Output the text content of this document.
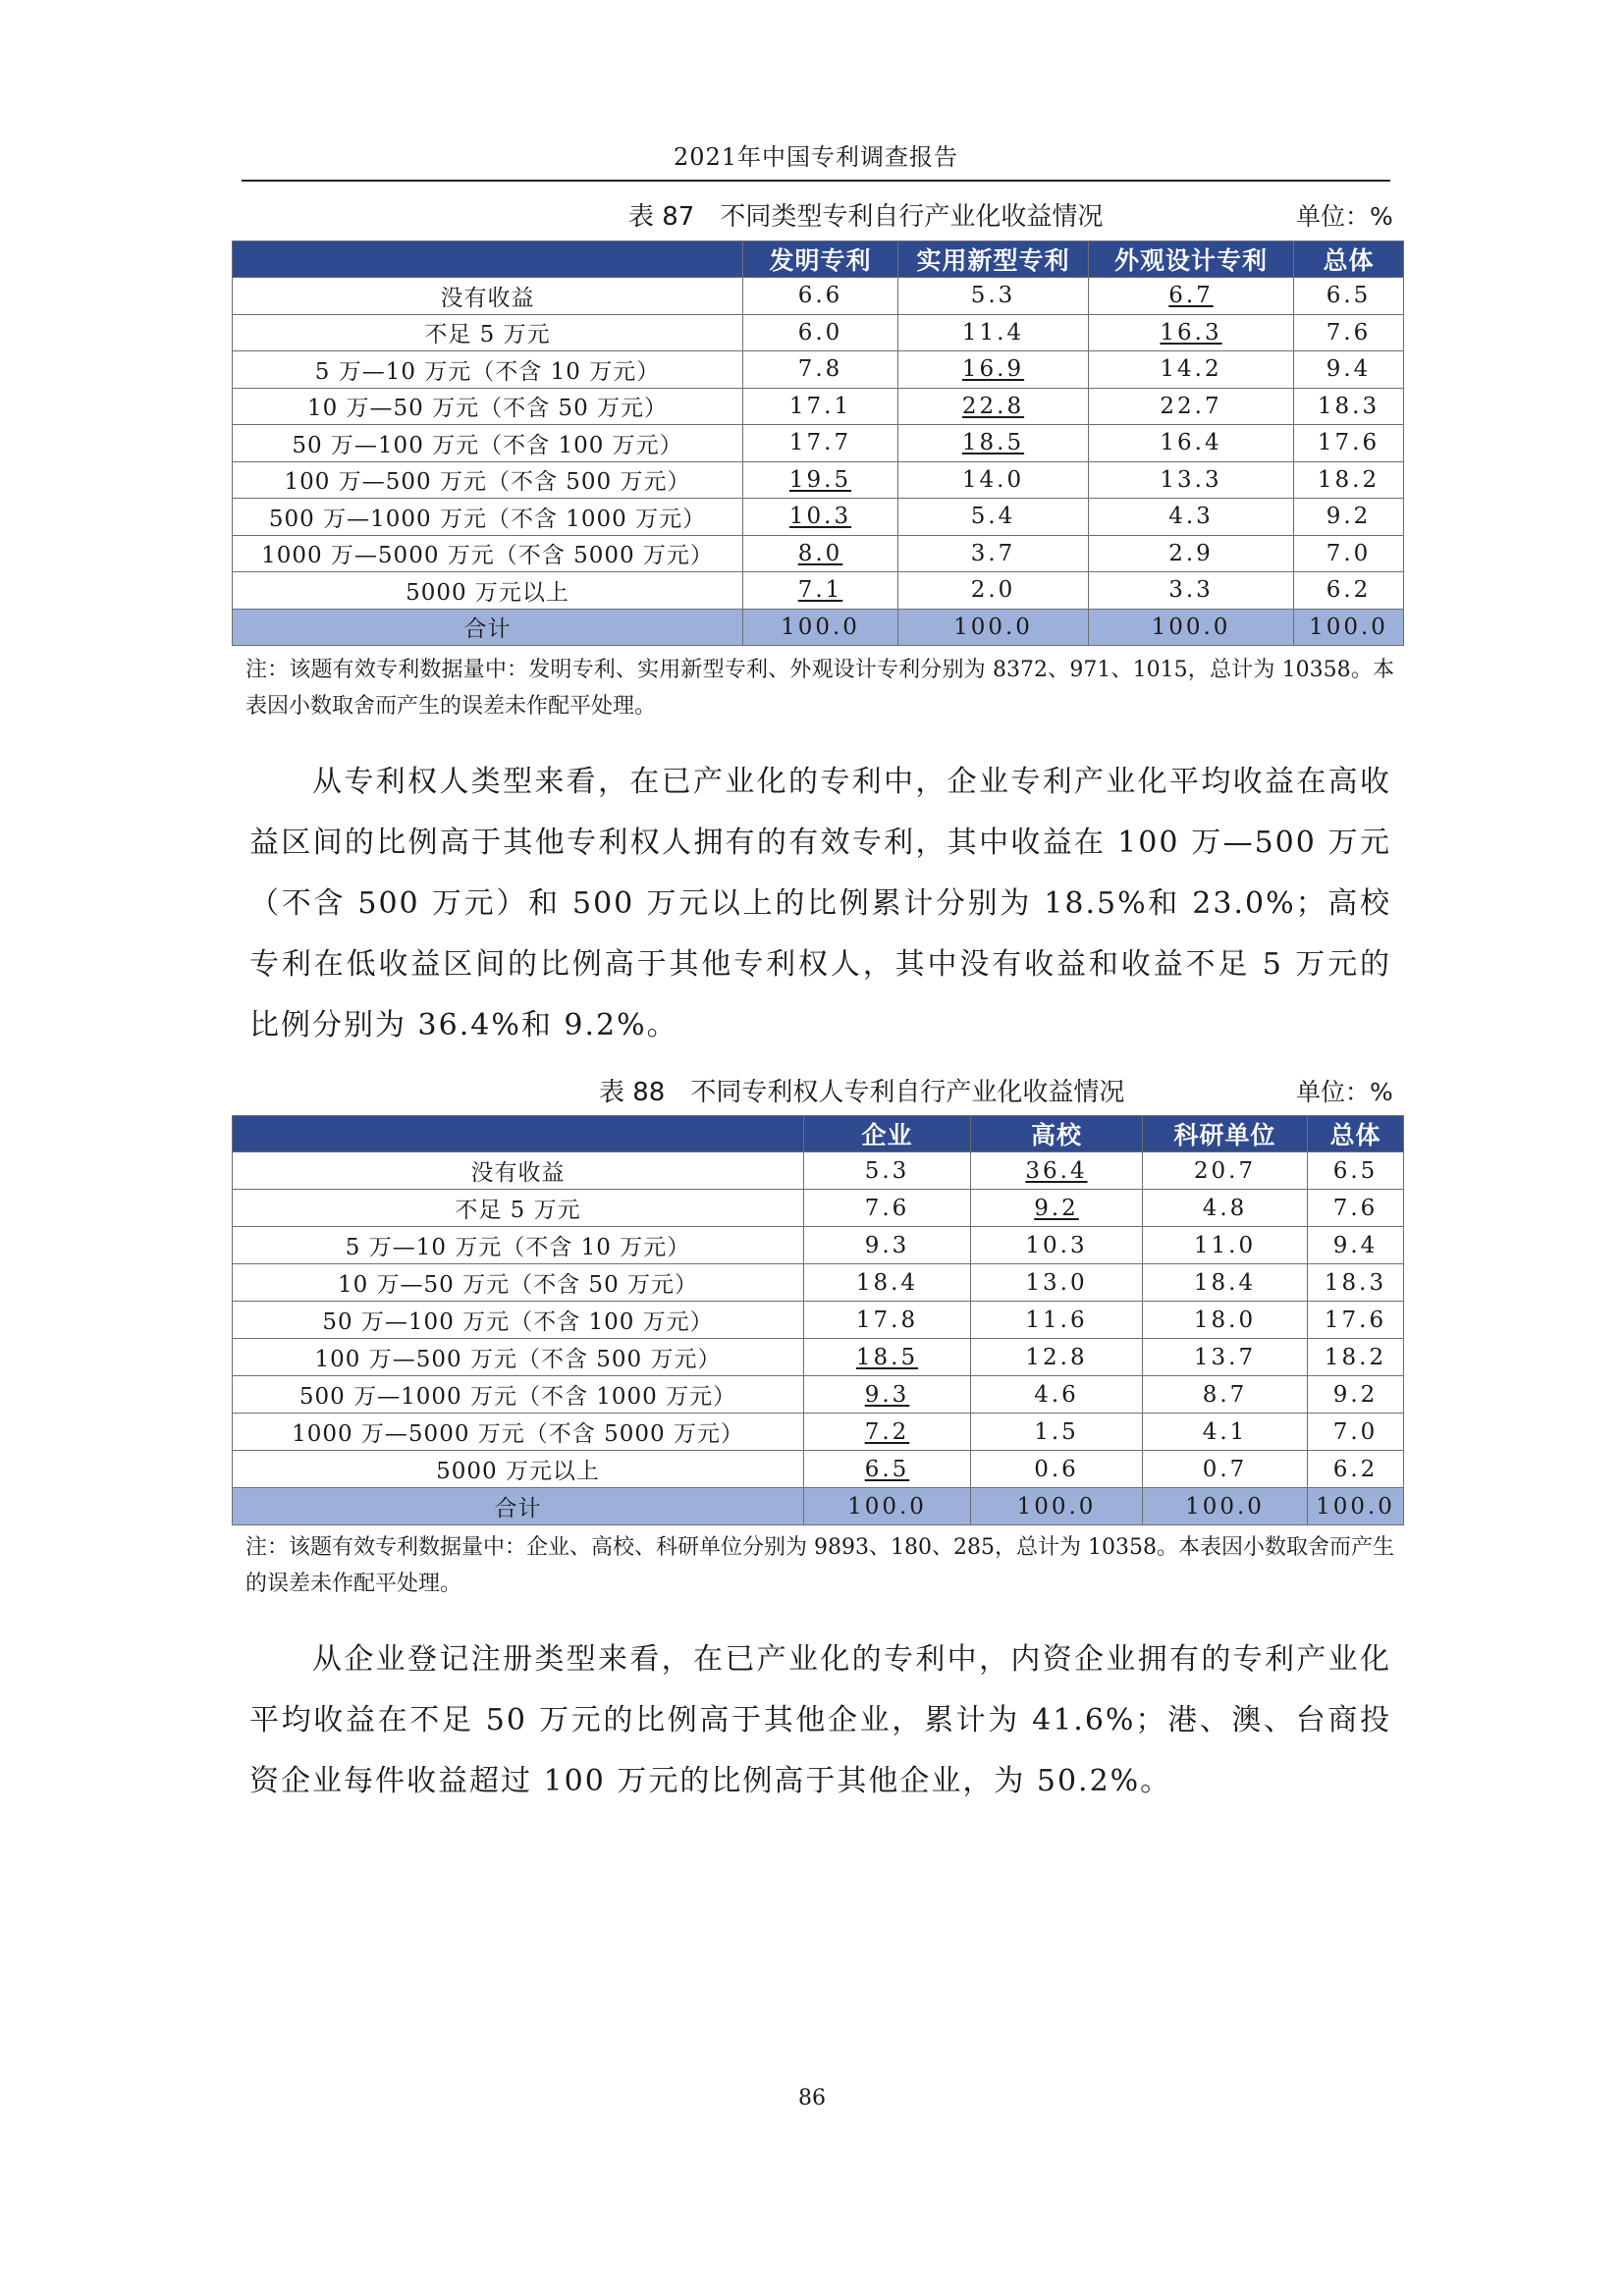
2021年中国专利调查报告
表 87 不同类型专利自行产业化收益情况	单位：%
	发明专利	实用新型专利	外观设计专利	总体
没有收益	6.6	5.3	6.7	6.5
不足 5 万元	6.0	11.4	16.3	7.6
5 万—10 万元（不含 10 万元）	7.8	16.9	14.2	9.4
10 万—50 万元（不含 50 万元）	17.1	22.8	22.7	18.3
50 万—100 万元（不含 100 万元）	17.7	18.5	16.4	17.6
100 万—500 万元（不含 500 万元）	19.5	14.0	13.3	18.2
500 万—1000 万元（不含 1000 万元）	10.3	5.4	4.3	9.2
1000 万—5000 万元（不含 5000 万元）	8.0	3.7	2.9	7.0
5000 万元以上	7.1	2.0	3.3	6.2
合计	100.0	100.0	100.0	100.0
注：该题有效专利数据量中：发明专利、实用新型专利、外观设计专利分别为 8372、971、1015，总计为 10358。本表因小数取舍而产生的误差未作配平处理。
从专利权人类型来看，在已产业化的专利中，企业专利产业化平均收益在高收益区间的比例高于其他专利权人拥有的有效专利，其中收益在 100 万—500 万元（不含 500 万元）和 500 万元以上的比例累计分别为 18.5%和 23.0%；高校专利在低收益区间的比例高于其他专利权人，其中没有收益和收益不足 5 万元的比例分别为 36.4%和 9.2%。
表 88 不同专利权人专利自行产业化收益情况	单位：%
	企业	高校	科研单位	总体
没有收益	5.3	36.4	20.7	6.5
不足 5 万元	7.6	9.2	4.8	7.6
5 万—10 万元（不含 10 万元）	9.3	10.3	11.0	9.4
10 万—50 万元（不含 50 万元）	18.4	13.0	18.4	18.3
50 万—100 万元（不含 100 万元）	17.8	11.6	18.0	17.6
100 万—500 万元（不含 500 万元）	18.5	12.8	13.7	18.2
500 万—1000 万元（不含 1000 万元）	9.3	4.6	8.7	9.2
1000 万—5000 万元（不含 5000 万元）	7.2	1.5	4.1	7.0
5000 万元以上	6.5	0.6	0.7	6.2
合计	100.0	100.0	100.0	100.0
注：该题有效专利数据量中：企业、高校、科研单位分别为 9893、180、285，总计为 10358。本表因小数取舍而产生的误差未作配平处理。
从企业登记注册类型来看，在已产业化的专利中，内资企业拥有的专利产业化平均收益在不足 50 万元的比例高于其他企业，累计为 41.6%；港、澳、台商投资企业每件收益超过 100 万元的比例高于其他企业，为 50.2%。
86
